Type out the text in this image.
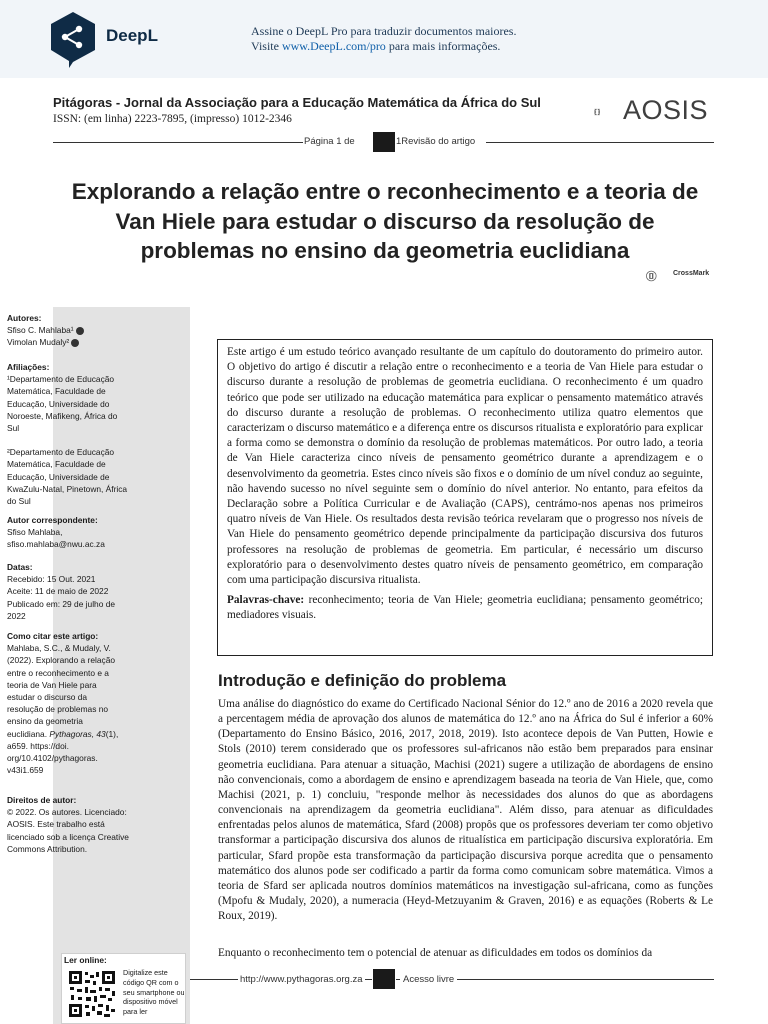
DeepL	Assine o DeepL Pro para traduzir documentos maiores.
Visite www.DeepL.com/pro para mais informações.
Pitágoras - Jornal da Associação para a Educação Matemática da África do Sul
ISSN: (em linha) 2223-7895, (impresso) 1012-2346	AOSIS
Página 1 de	1Revisão do artigo
Explorando a relação entre o reconhecimento e a teoria de Van Hiele para estudar o discurso da resolução de problemas no ensino da geometria euclidiana
CrossMark
Autores:
Sfiso C. Mahlaba¹
Vimolan Mudaly²
Afiliações:
¹Departamento de Educação Matemática, Faculdade de Educação, Universidade do Noroeste, Mafikeng, África do Sul
²Departamento de Educação Matemática, Faculdade de Educação, Universidade de KwaZulu-Natal, Pinetown, África do Sul
Autor correspondente:
Sfiso Mahlaba,
sfiso.mahlaba@nwu.ac.za
Datas:
Recebido: 15 Out. 2021
Aceite: 11 de maio de 2022
Publicado em: 29 de julho de 2022
Como citar este artigo:
Mahlaba, S.C., & Mudaly, V. (2022). Explorando a relação entre o reconhecimento e a teoria de Van Hiele para estudar o discurso da resolução de problemas no ensino da geometria euclidiana. Pythagoras, 43(1), a659. https://doi. org/10.4102/pythagoras. v43i1.659
Direitos de autor:
© 2022. Os autores. Licenciado: AOSIS. Este trabalho está licenciado sob a licença Creative Commons Attribution.
Ler online:
Digitalize este código QR com o seu smartphone ou dispositivo móvel para ler

Este artigo é um estudo teórico avançado resultante de um capítulo do doutoramento do primeiro autor. O objetivo do artigo é discutir a relação entre o reconhecimento e a teoria de Van Hiele para estudar o discurso durante a resolução de problemas de geometria euclidiana. O reconhecimento é um quadro teórico que pode ser utilizado na educação matemática para explicar o pensamento matemático através do discurso durante a resolução de problemas. O reconhecimento utiliza quatro elementos que caracterizam o discurso matemático e a diferença entre os discursos ritualista e exploratório para explicar a forma como se demonstra o domínio da resolução de problemas matemáticos. Por outro lado, a teoria de Van Hiele caracteriza cinco níveis de pensamento geométrico durante a aprendizagem e o desenvolvimento da geometria. Estes cinco níveis são fixos e o domínio de um nível conduz ao seguinte, não havendo sucesso no nível seguinte sem o domínio do nível anterior. No entanto, para efeitos da Declaração sobre a Política Curricular e de Avaliação (CAPS), centrámo-nos apenas nos primeiros quatro níveis de Van Hiele. Os resultados desta revisão teórica revelaram que o progresso nos níveis de Van Hiele do pensamento geométrico depende principalmente da participação discursiva dos futuros professores na resolução de problemas de geometria. Em particular, é necessário um discurso exploratório para o desenvolvimento destes quatro níveis de pensamento geométrico, em comparação com uma participação discursiva ritualista.

Palavras-chave: reconhecimento; teoria de Van Hiele; geometria euclidiana; pensamento geométrico; mediadores visuais.

Introdução e definição do problema

Uma análise do diagnóstico do exame do Certificado Nacional Sénior do 12.º ano de 2016 a 2020 revela que a percentagem média de aprovação dos alunos de matemática do 12.º ano na África do Sul é inferior a 60% (Departamento do Ensino Básico, 2016, 2017, 2018, 2019). Isto acontece depois de Van Putten, Howie e Stols (2010) terem considerado que os professores sul-africanos não estão bem preparados para ensinar geometria euclidiana. Para atenuar a situação, Machisi (2021) sugere a utilização de abordagens de ensino não convencionais, como a abordagem de ensino e aprendizagem baseada na teoria de Van Hiele, que, como Machisi (2021, p. 1) concluiu, "responde melhor às necessidades dos alunos do que as abordagens convencionais na aprendizagem da geometria euclidiana". Além disso, para atenuar as dificuldades enfrentadas pelos alunos de matemática, Sfard (2008) propôs que os professores deveriam ter como objetivo transformar a participação discursiva dos alunos de ritualística em participação discursiva exploratória. Em particular, Sfard propõe esta transformação da participação discursiva porque acredita que o pensamento matemático dos alunos pode ser codificado a partir da forma como comunicam sobre matemática. Vimos a teoria de Sfard ser aplicada noutros domínios matemáticos na investigação sul-africana, como as funções (Mpofu & Mudaly, 2020), a numeracia (Heyd-Metzuyanim & Graven, 2016) e as equações (Roberts & Le Roux, 2019).

Enquanto o reconhecimento tem o potencial de atenuar as dificuldades em todos os domínios da

http://www.pythagoras.org.za	Acesso livre
